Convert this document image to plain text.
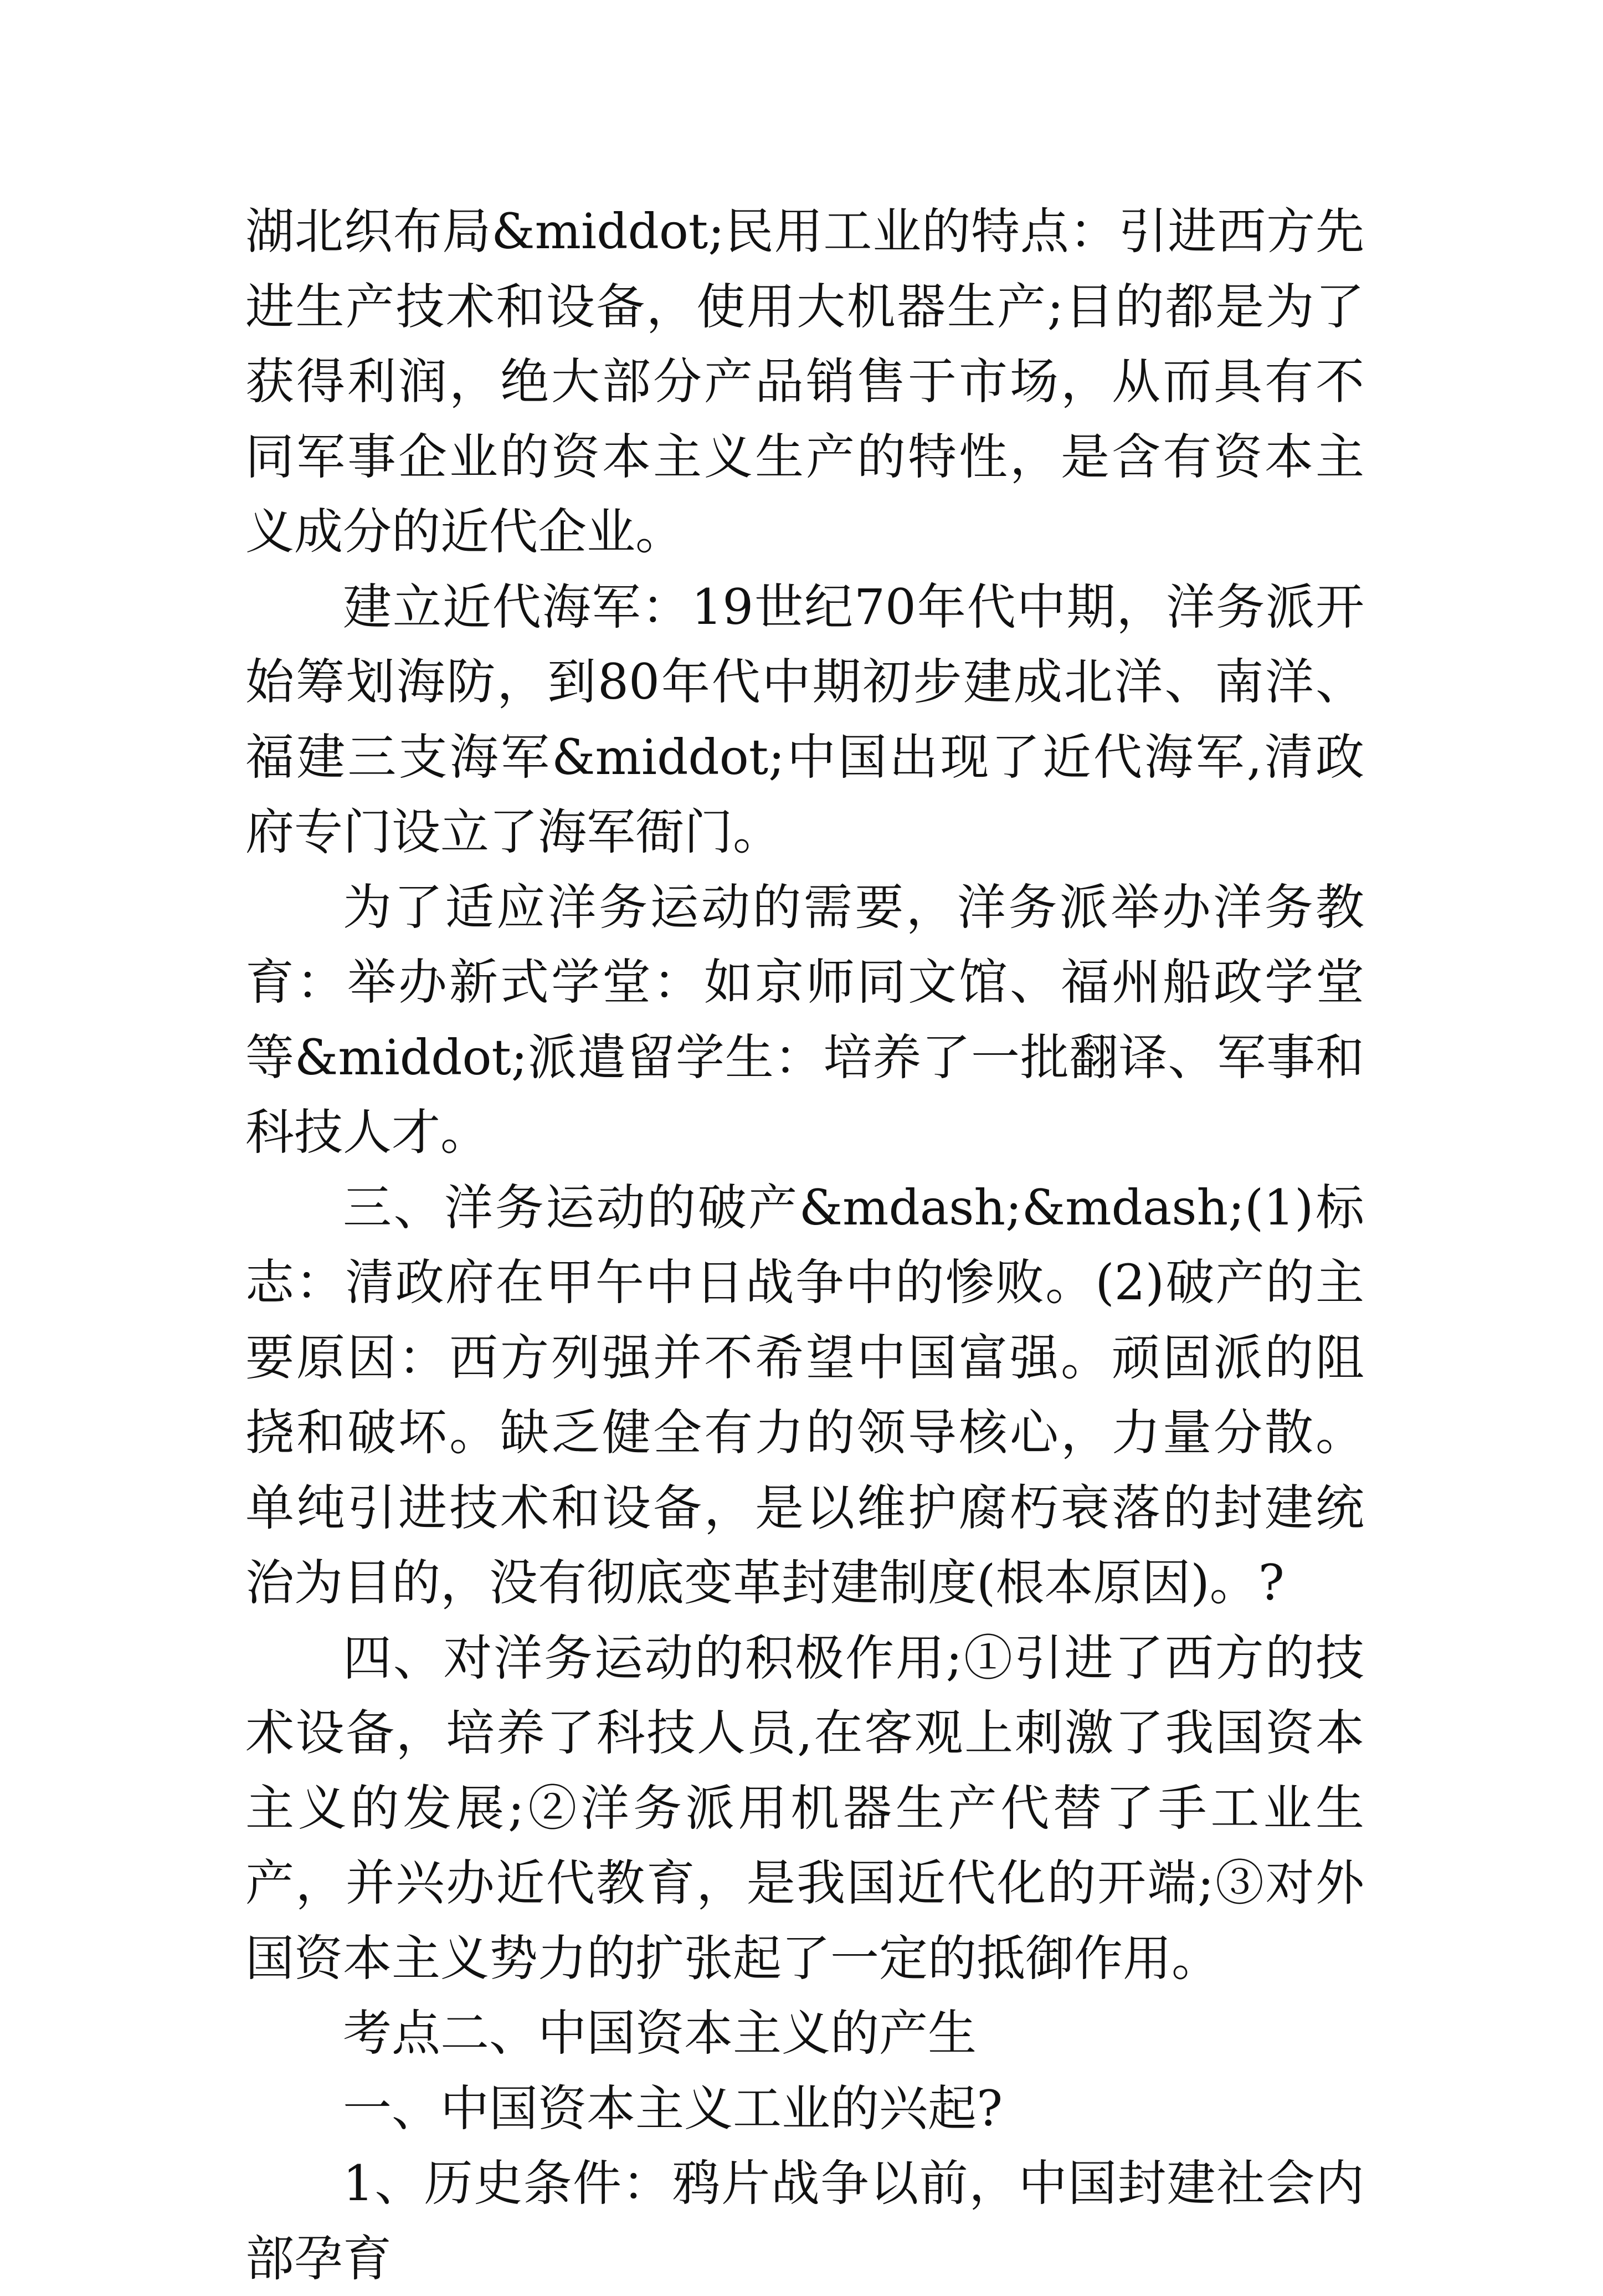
湖北织布局&middot;民用工业的特点：引进西方先进生产技术和设备，使用大机器生产;目的都是为了获得利润，绝大部分产品销售于市场，从而具有不同军事企业的资本主义生产的特性，是含有资本主义成分的近代企业。

建立近代海军：19世纪70年代中期，洋务派开始筹划海防，到80年代中期初步建成北洋、南洋、福建三支海军&middot;中国出现了近代海军,清政府专门设立了海军衙门。

为了适应洋务运动的需要，洋务派举办洋务教育：举办新式学堂：如京师同文馆、福州船政学堂等&middot;派遣留学生：培养了一批翻译、军事和科技人才。

三、洋务运动的破产&mdash;&mdash;(1)标志：清政府在甲午中日战争中的惨败。(2)破产的主要原因：西方列强并不希望中国富强。顽固派的阻挠和破坏。缺乏健全有力的领导核心，力量分散。单纯引进技术和设备，是以维护腐朽衰落的封建统治为目的，没有彻底变革封建制度(根本原因)。?

四、对洋务运动的积极作用;①引进了西方的技术设备，培养了科技人员,在客观上刺激了我国资本主义的发展;②洋务派用机器生产代替了手工业生产，并兴办近代教育，是我国近代化的开端;③对外国资本主义势力的扩张起了一定的抵御作用。

考点二、中国资本主义的产生

一、中国资本主义工业的兴起?

1、历史条件：鸦片战争以前，中国封建社会内部孕育
